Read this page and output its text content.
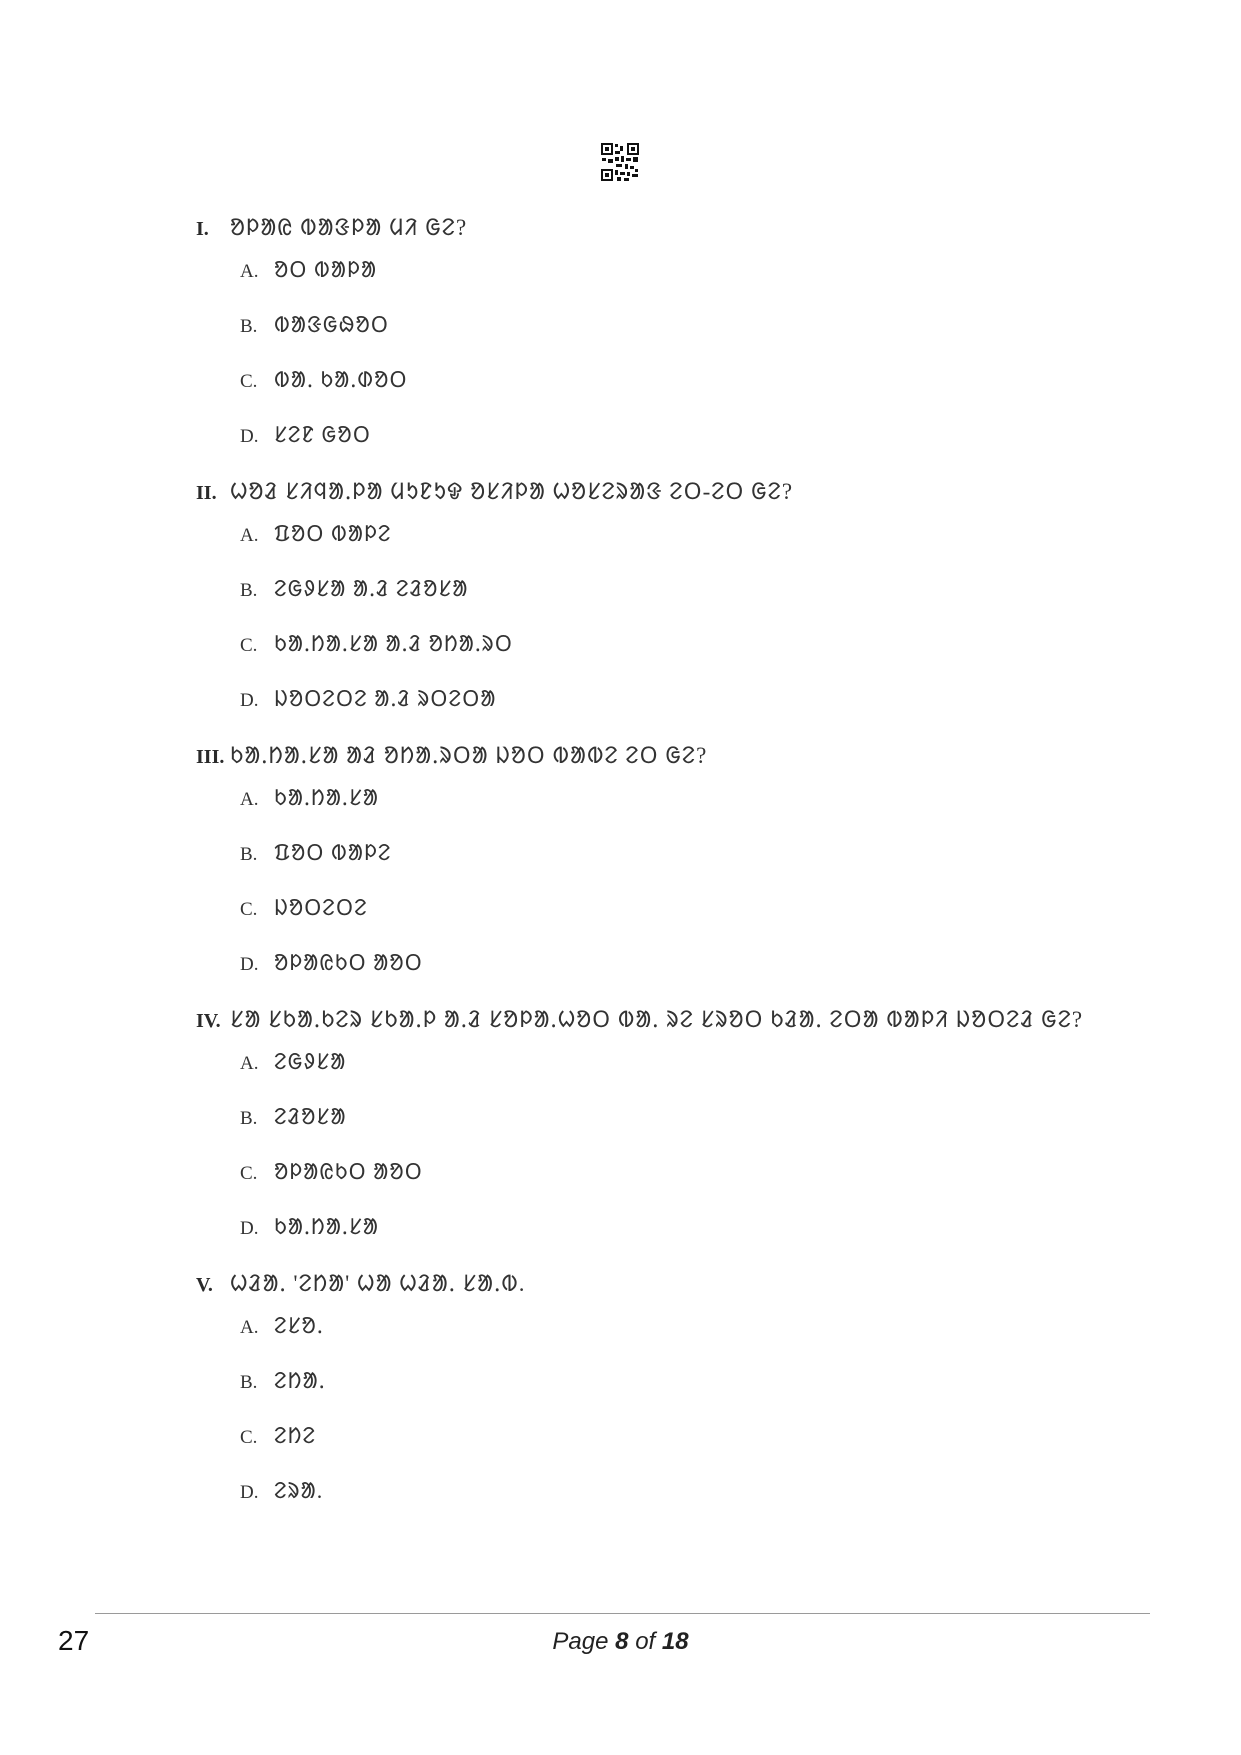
I. ᱚᱞᱟᱭ ᱵᱟᱝᱞᱟ ᱢᱤ ᱜᱮ?
A. ᱚᱛ ᱵᱟᱞᱟ
B. ᱵᱟᱝᱜᱷᱚᱛ
C. ᱵᱟᱹ ᱠᱟᱹᱰᱚᱛ
D. ᱥᱮᱱ ᱜᱚᱛ
II. ᱦᱚᱲ ᱥᱤᱧᱟᱹᱞᱟ ᱢᱩᱱᱩᱫ ᱚᱥᱤᱞᱟ ᱦᱚᱥᱮᱨᱟᱝ ᱮᱛ-ᱮᱛ ᱜᱮ?
A. ᱯᱚᱛ ᱵᱟᱞᱮ
B. ᱮᱜᱽᱥᱟ ᱟᱹᱲ ᱮᱲᱚᱥᱟ
C. ᱠᱟᱹᱴᱟᱹᱥᱟ ᱟᱹᱲ ᱚᱴᱟᱹᱨᱛ
D. ᱡᱚᱛᱮᱛᱮ ᱟᱹᱲ ᱨᱛᱮᱛᱟ
III. ᱠᱟᱹᱴᱟᱹᱥᱟ ᱟᱲ ᱚᱴᱟᱹᱨᱛᱟ ᱡᱚᱛ ᱵᱟᱵᱮ ᱮᱛ ᱜᱮ?
A. ᱠᱟᱹᱴᱟᱹᱥᱟ
B. ᱯᱚᱛ ᱵᱟᱞᱮ
C. ᱡᱚᱛᱮᱛᱮ
D. ᱚᱞᱟᱭᱠᱛ ᱟᱚᱛ
IV. ᱥᱟ ᱥᱠᱟᱹᱠᱮᱨ ᱥᱠᱟᱹᱞ ᱟᱹᱲ ᱥᱚᱞᱟᱹᱦᱚᱛ ᱵᱟᱹ ᱨᱮ ᱥᱨᱚᱛ ᱠᱲᱟᱹ ᱮᱛᱟ ᱵᱟᱞᱤ ᱡᱚᱛᱮᱲ ᱜᱮ?
A. ᱮᱜᱽᱥᱟ
B. ᱮᱲᱚᱥᱟ
C. ᱚᱞᱟᱭᱠᱛ ᱟᱚᱛ
D. ᱠᱟᱹᱴᱟᱹᱥᱟ
V. ᱦᱲᱟᱹ 'ᱮᱴᱟ' ᱦᱟ ᱦᱲᱟᱹ ᱥᱟᱹᱵ.
A. ᱮᱥᱚᱹ
B. ᱮᱴᱟᱹ
C. ᱮᱴᱮ
D. ᱮᱨᱟ.
27	Page 8 of 18
